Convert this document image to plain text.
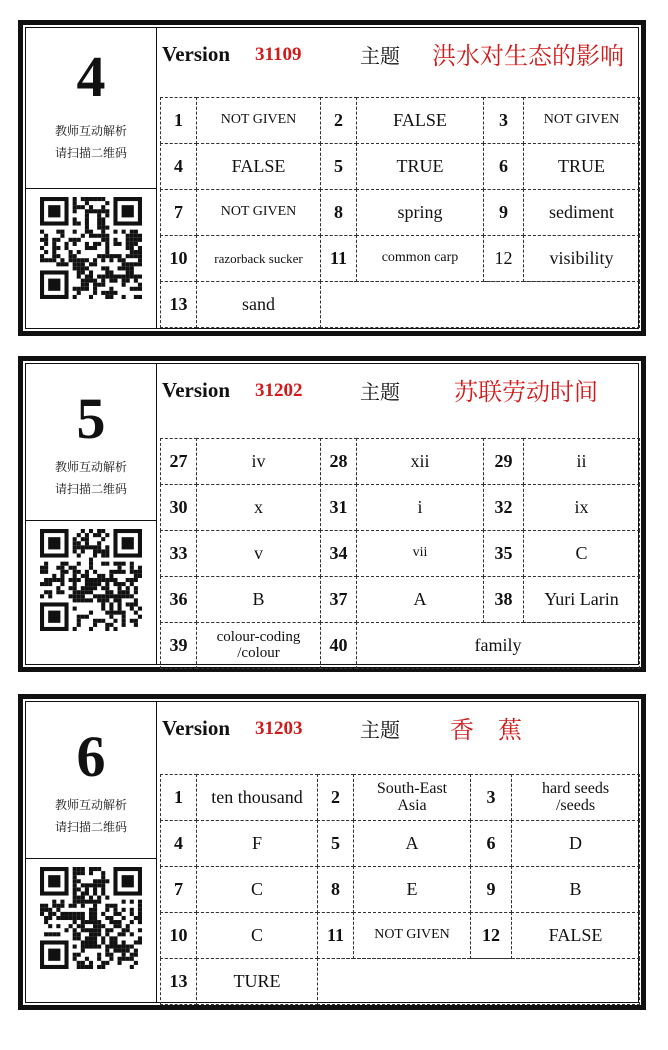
4
教师互动解析
请扫描二维码
Version 31109	主题 洪水对生态的影响
1	NOT GIVEN	2	FALSE	3	NOT GIVEN
4	FALSE	5	TRUE	6	TRUE
7	NOT GIVEN	8	spring	9	sediment
10	razorback sucker	11	common carp	12	visibility
13	sand
5
教师互动解析
请扫描二维码
Version 31202	主题 苏联劳动时间
27	iv	28	xii	29	ii
30	x	31	i	32	ix
33	v	34	vii	35	C
36	B	37	A	38	Yuri Larin
39	colour-coding /colour	40	family
6
教师互动解析
请扫描二维码
Version 31203	主题 香　蕉
1	ten thousand	2	South-East Asia	3	hard seeds /seeds
4	F	5	A	6	D
7	C	8	E	9	B
10	C	11	NOT GIVEN	12	FALSE
13	TURE
